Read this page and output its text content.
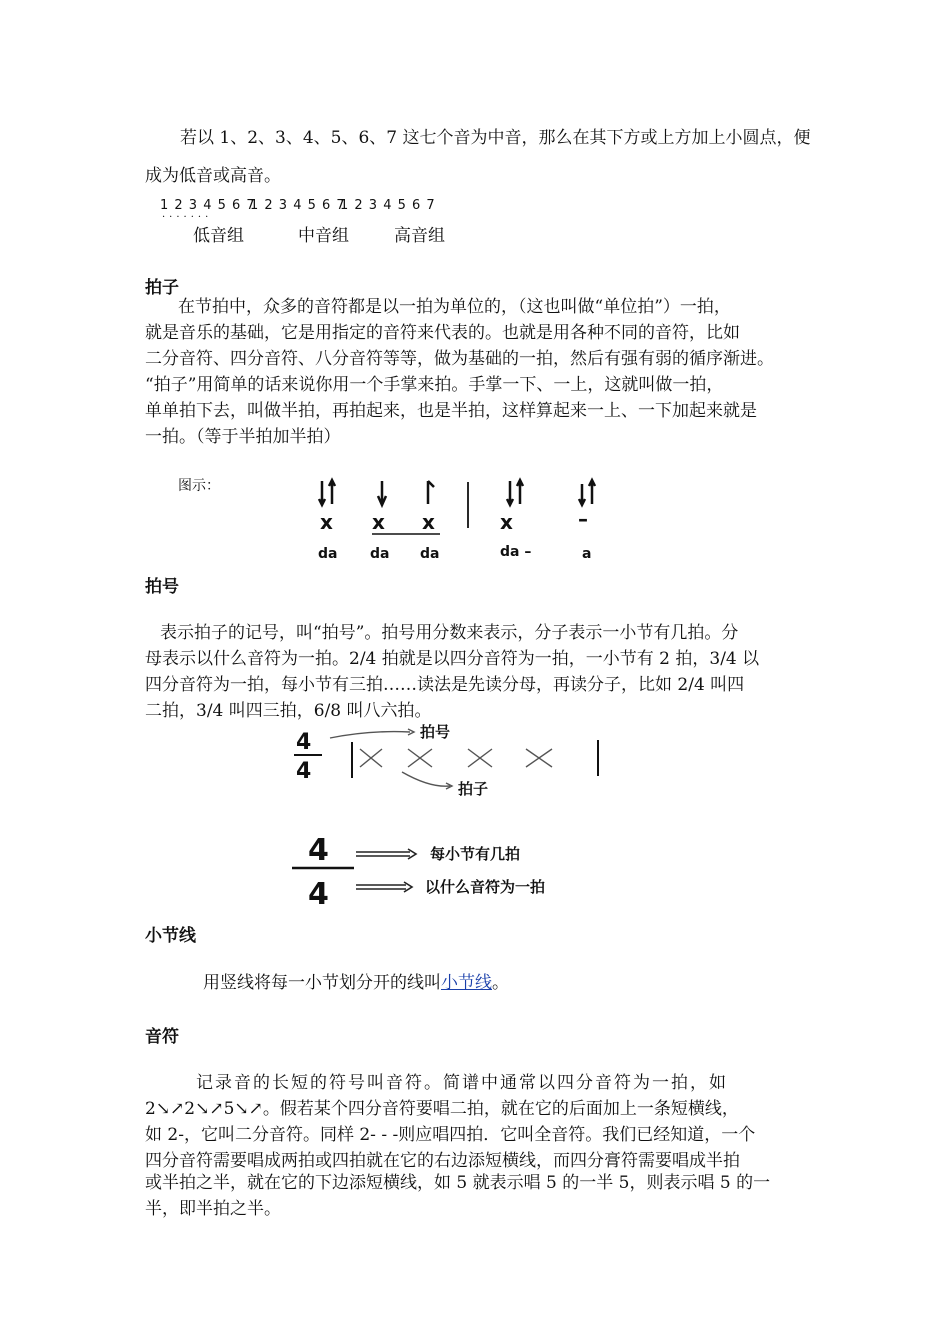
若以 1、2、3、4、5、6、7 这七个音为中音，那么在其下方或上方加上小圆点，便
成为低音或高音。
1 2 3 4 5 6 7
·······
1 2 3 4 5 6 7
1 2 3 4 5 6 7
低音组	中音组	高音组
拍子
在节拍中，众多的音符都是以一拍为单位的，（这也叫做“单位拍”）一拍，
就是音乐的基础，它是用指定的音符来代表的。也就是用各种不同的音符，比如
二分音符、四分音符、八分音符等等，做为基础的一拍，然后有强有弱的循序渐进。
“拍子”用简单的话来说你用一个手掌来拍。手掌一下、一上，这就叫做一拍，
单单拍下去，叫做半拍，再拍起来，也是半拍，这样算起来一上、一下加起来就是
一拍。（等于半拍加半拍）
图示：
x x x	x	–
da da da	da –	a
拍号
表示拍子的记号，叫“拍号”。拍号用分数来表示，分子表示一小节有几拍。分
母表示以什么音符为一拍。2/4 拍就是以四分音符为一拍，一小节有 2 拍，3/4 以
四分音符为一拍，每小节有三拍……读法是先读分母，再读分子，比如 2/4 叫四
二拍，3/4 叫四三拍，6/8 叫八六拍。
4
4
拍号
拍子
4
4
每小节有几拍
以什么音符为一拍
小节线
用竖线将每一小节划分开的线叫小节线。
音符
记录音的长短的符号叫音符。简谱中通常以四分音符为一拍，如
2↘↗2↘↗5↘↗。假若某个四分音符要唱二拍，就在它的后面加上一条短横线，
如 2-，它叫二分音符。同样 2- - -则应唱四拍．它叫全音符。我们已经知道，一个
四分音符需要唱成两拍或四拍就在它的右边添短横线，而四分膏符需要唱成半拍
或半拍之半，就在它的下边添短横线，如 5 就表示唱 5 的一半 5，则表示唱 5 的一
半，即半拍之半。
